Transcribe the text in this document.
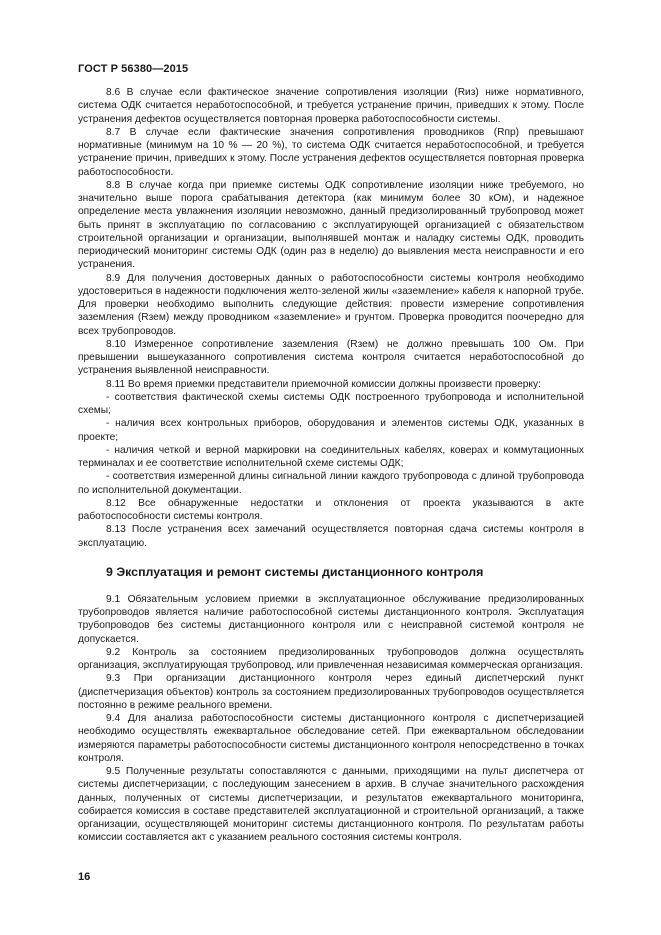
ГОСТ Р 56380—2015

8.6 В случае если фактическое значение сопротивления изоляции (Rиз) ниже нормативного, система ОДК считается неработоспособной, и требуется устранение причин, приведших к этому. После устранения дефектов осуществляется повторная проверка работоспособности системы.

8.7 В случае если фактические значения сопротивления проводников (Rпр) превышают нормативные (минимум на 10 % — 20 %), то система ОДК считается неработоспособной, и требуется устранение причин, приведших к этому. После устранения дефектов осуществляется повторная проверка работоспособности.

8.8 В случае когда при приемке системы ОДК сопротивление изоляции ниже требуемого, но значительно выше порога срабатывания детектора (как минимум более 30 кОм), и надежное определение места увлажнения изоляции невозможно, данный предизолированный трубопровод может быть принят в эксплуатацию по согласованию с эксплуатирующей организацией с обязательством строительной организации и организации, выполнявшей монтаж и наладку системы ОДК, проводить периодический мониторинг системы ОДК (один раз в неделю) до выявления места неисправности и его устранения.

8.9 Для получения достоверных данных о работоспособности системы контроля необходимо удостовериться в надежности подключения желто-зеленой жилы «заземление» кабеля к напорной трубе. Для проверки необходимо выполнить следующие действия: провести измерение сопротивления заземления (Rзем) между проводником «заземление» и грунтом. Проверка проводится поочередно для всех трубопроводов.

8.10 Измеренное сопротивление заземления (Rзем) не должно превышать 100 Ом. При превышении вышеуказанного сопротивления система контроля считается неработоспособной до устранения выявленной неисправности.

8.11 Во время приемки представители приемочной комиссии должны произвести проверку:

- соответствия фактической схемы системы ОДК построенного трубопровода и исполнительной схемы;

- наличия всех контрольных приборов, оборудования и элементов системы ОДК, указанных в проекте;

- наличия четкой и верной маркировки на соединительных кабелях, коверах и коммутационных терминалах и ее соответствие исполнительной схеме системы ОДК;

- соответствия измеренной длины сигнальной линии каждого трубопровода с длиной трубопровода по исполнительной документации.

8.12 Все обнаруженные недостатки и отклонения от проекта указываются в акте работоспособности системы контроля.

8.13 После устранения всех замечаний осуществляется повторная сдача системы контроля в эксплуатацию.

9 Эксплуатация и ремонт системы дистанционного контроля

9.1 Обязательным условием приемки в эксплуатационное обслуживание предизолированных трубопроводов является наличие работоспособной системы дистанционного контроля. Эксплуатация трубопроводов без системы дистанционного контроля или с неисправной системой контроля не допускается.

9.2 Контроль за состоянием предизолированных трубопроводов должна осуществлять организация, эксплуатирующая трубопровод, или привлеченная независимая коммерческая организация.

9.3 При организации дистанционного контроля через единый диспетчерский пункт (диспетчеризация объектов) контроль за состоянием предизолированных трубопроводов осуществляется постоянно в режиме реального времени.

9.4 Для анализа работоспособности системы дистанционного контроля с диспетчеризацией необходимо осуществлять ежеквартальное обследование сетей. При ежеквартальном обследовании измеряются параметры работоспособности системы дистанционного контроля непосредственно в точках контроля.

9.5 Полученные результаты сопоставляются с данными, приходящими на пульт диспетчера от системы диспетчеризации, с последующим занесением в архив. В случае значительного расхождения данных, полученных от системы диспетчеризации, и результатов ежеквартального мониторинга, собирается комиссия в составе представителей эксплуатационной и строительной организаций, а также организации, осуществляющей мониторинг системы дистанционного контроля. По результатам работы комиссии составляется акт с указанием реального состояния системы контроля.

16
